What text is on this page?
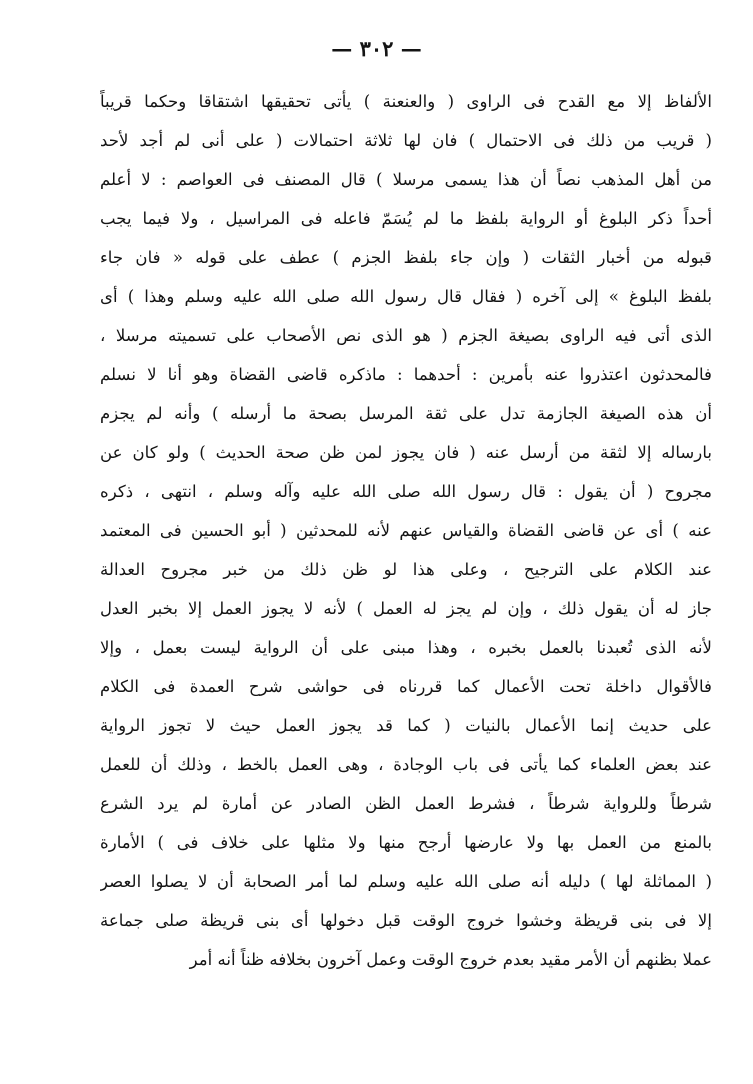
— ٣٠٢ —
الألفاظ إلا مع القدح فى الراوى ( والعنعنة ) يأتى تحقيقها اشتقاقا وحكما قريباً
( قريب من ذلك فى الاحتمال ) فان لها ثلاثة احتمالات ( على أنى لم أجد لأحد
من أهل المذهب نصاً أن هذا يسمى مرسلا ) قال المصنف فى العواصم : لا أعلم
أحداً ذكر البلوغ أو الرواية بلفظ ما لم يُسَمّ فاعله فى المراسيل ، ولا فيما يجب
قبوله من أخبار الثقات ( وإن جاء بلفظ الجزم ) عطف على قوله « فان جاء
بلفظ البلوغ » إلى آخره ( فقال قال رسول الله صلى الله عليه وسلم وهذا ) أى
الذى أتى فيه الراوى بصيغة الجزم ( هو الذى نص الأصحاب على تسميته مرسلا ،
فالمحدثون اعتذروا عنه بأمرين : أحدهما : ماذكره قاضى القضاة وهو أنا لا نسلم
أن هذه الصيغة الجازمة تدل على ثقة المرسل بصحة ما أرسله ) وأنه لم يجزم
بارساله إلا لثقة من أرسل عنه ( فان يجوز لمن ظن صحة الحديث ) ولو كان عن
مجروح ( أن يقول : قال رسول الله صلى الله عليه وآله وسلم ، انتهى ، ذكره
عنه ) أى عن قاضى القضاة والقياس عنهم لأنه للمحدثين ( أبو الحسين فى المعتمد
عند الكلام على الترجيح ، وعلى هذا لو ظن ذلك من خبر مجروح العدالة
جاز له أن يقول ذلك ، وإن لم يجز له العمل ) لأنه لا يجوز العمل إلا بخبر العدل
لأنه الذى تُعبدنا بالعمل بخبره ، وهذا مبنى على أن الرواية ليست بعمل ، وإلا
فالأقوال داخلة تحت الأعمال كما قررناه فى حواشى شرح العمدة فى الكلام
على حديث إنما الأعمال بالنيات ( كما قد يجوز العمل حيث لا تجوز الرواية
عند بعض العلماء كما يأتى فى باب الوجادة ، وهى العمل بالخط ، وذلك أن للعمل
شرطاً وللرواية شرطاً ، فشرط العمل الظن الصادر عن أمارة لم يرد الشرع
بالمنع من العمل بها ولا عارضها أرجح منها ولا مثلها على خلاف فى ) الأمارة
( المماثلة لها ) دليله أنه صلى الله عليه وسلم لما أمر الصحابة أن لا يصلوا العصر
إلا فى بنى قريظة وخشوا خروج الوقت قبل دخولها أى بنى قريظة صلى جماعة
عملا بظنهم أن الأمر مقيد بعدم خروج الوقت وعمل آخرون بخلافه ظناً أنه أمر
